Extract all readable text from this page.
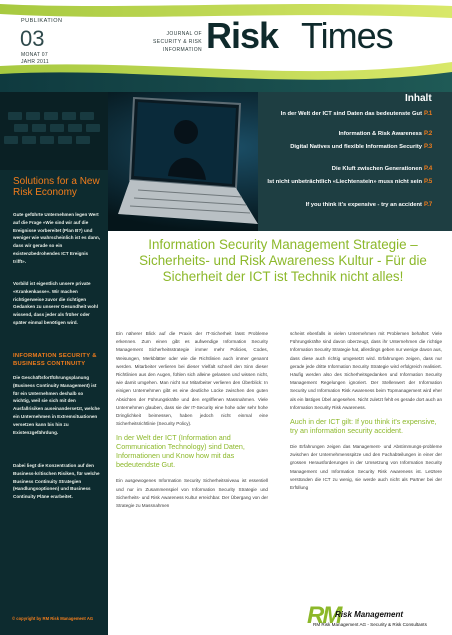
PUBLIKATION
03
MONAT 07
JAHR 2011
JOURNAL OF
SECURITY & RISK
INFORMATION Risk Times
Solutions for a New Risk Economy
Gute geführte Unternehmen legen Wert auf die Frage «Wie sind wir auf die Ereignisse vorbereitet (Plan B?) und weniger wie wahrscheinlich ist es dann, dass wir gerade so ein existenzbedrohendes ICT Ereignis trifft».
Vorbild ist eigentlich unsere private «Krankenkasse». Wir machen richtigerweise zuvor die richtigen Gedanken zu unserer Gesundheit wohl wissend, dass jeder als früher oder später einmal benötigen wird.
INFORMATION SECURITY & BUSINESS CONTINUITY
Die Geschäftsfortführungsplanung (Business Continuity Management) ist für ein Unternehmen deshalb so wichtig, weil sie sich mit den Ausfallrisiken auseinandersetzt, welche ein Unternehmen in Extremsituationen versetzen kann bis hin zu Existenzgefährdung.
Dabei liegt die Konzentration auf den Business-kritischen Risiken, für welche Business Continuity Strategien (Handlungsoptionen) und Business Continuity Pläne erarbeitet.
© copyright by RM Risk Management AG
Inhalt
In der Welt der ICT sind Daten das bedeutenste Gut P.1
Information & Risk Awareness P.2
Digital Natives und flexible Information Security P.3
Die Kluft zwischen Generationen P.4
Ist nicht unbeträchtlich «Liechtenstein» muss nicht sein P.5
If you think it's expensive - try an accident P.7
Information Security Management Strategie – Sicherheits- und Risk Awareness Kultur - Für die Sicherheit der ICT ist Technik nicht alles!

Ein näherer Blick auf die Praxis der IT-Sicherheit lässt Probleme erkennen. Zum einen gibt es aufwendige Information Security Management Sicherheitsstrategie immer mehr Policies, Codes, Weisungen, Merkblätter oder wie die Richtlinien auch immer genannt werden. Mitarbeiter verlieren bei dieser Vielfalt schnell den Sinn dieser Richtlinien aus den Augen, fühlen sich alleine gelassen und wissen nicht, wie damit umgehen. Man nicht nur Mitarbeiter verlieren den Überblick: In einigen Unternehmen gibt es eine deutliche Lücke zwischen den guten Absichten der Führungskräfte und den ergriffenen Massnahmen. Viele Unternehmen glauben, dass sie der IT-Security eine hohe oder sehr hohe Dringlichkeit beimessen, haben jedoch nicht einmal eine Sicherheitsrichtlinie (Security Policy).

In der Welt der ICT (Information and Communication Technology) sind Daten, Informationen und Know how mit das bedeutendste Gut.

Ein ausgewogenes Information Security Sicherheitsniveau ist essentiell und nur im Zusammenspiel von Information Security Strategie und Sicherheits- und Risk Awareness Kultur erreichbar. Der Übergang von der Strategie zu Massnahmen

scheint ebenfalls in vielen Unternehmen mit Problemen behaftet: Viele Führungskräfte sind davon überzeugt, dass ihr Unternehmen die richtige Information Security Strategie hat, allerdings geben nur wenige davon aus, dass diese auch richtig umgesetzt wird. Erfahrungen zeigen, dass nur gerade jede dritte Information Security Strategie wird erfolgreich realisiert. Häufig werden also des Sicherheitsgedanken und Information Security Management Regelungen ignoriert. Der Stellenwert der Information Security und Information Risk Awareness beim Topmanagement wird eher als ein lästiges Übel angesehen. Nicht zuletzt fehlt es gerade dort auch an Information Security Risk Awareness.

Auch in der ICT gilt: If you think it's expensive, try an information security accident.

Die Erfahrungen zeigen das Management- und Abstimmungs-probleme zwischen der Unternehmensspitze und den Fachabteilungen in einer der grossen Herausforderungen in der Umsetzung von Information Security Management und Information Security Risk Awareness ist. Letztere verstünden die ICT zu wenig, sie werde auch nicht als Partner bei der Erfüllung

RM
Risk Management
RM Risk Management AG - Security & Risk Consultants
